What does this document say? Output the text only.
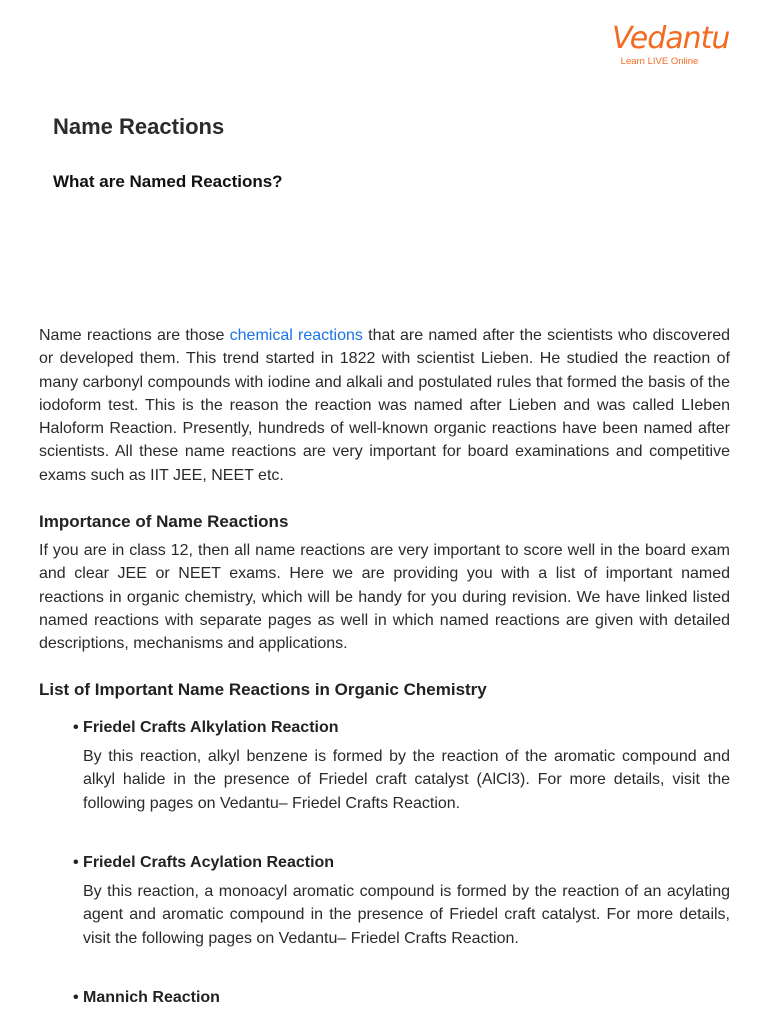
Vedantu
Learn LIVE Online
Name Reactions
What are Named Reactions?

Name reactions are those chemical reactions that are named after the scientists who discovered or developed them. This trend started in 1822 with scientist Lieben. He studied the reaction of many carbonyl compounds with iodine and alkali and postulated rules that formed the basis of the iodoform test. This is the reason the reaction was named after Lieben and was called LIeben Haloform Reaction. Presently, hundreds of well-known organic reactions have been named after scientists. All these name reactions are very important for board examinations and competitive exams such as IIT JEE, NEET etc.

Importance of Name Reactions

If you are in class 12, then all name reactions are very important to score well in the board exam and clear JEE or NEET exams. Here we are providing you with a list of important named reactions in organic chemistry, which will be handy for you during revision. We have linked listed named reactions with separate pages as well in which named reactions are given with detailed descriptions, mechanisms and applications.

List of Important Name Reactions in Organic Chemistry
• Friedel Crafts Alkylation Reaction

By this reaction, alkyl benzene is formed by the reaction of the aromatic compound and alkyl halide in the presence of Friedel craft catalyst (AlCl3). For more details, visit the following pages on Vedantu– Friedel Crafts Reaction.

• Friedel Crafts Acylation Reaction

By this reaction, a monoacyl aromatic compound is formed by the reaction of an acylating agent and aromatic compound in the presence of Friedel craft catalyst. For more details, visit the following pages on Vedantu– Friedel Crafts Reaction.

• Mannich Reaction
